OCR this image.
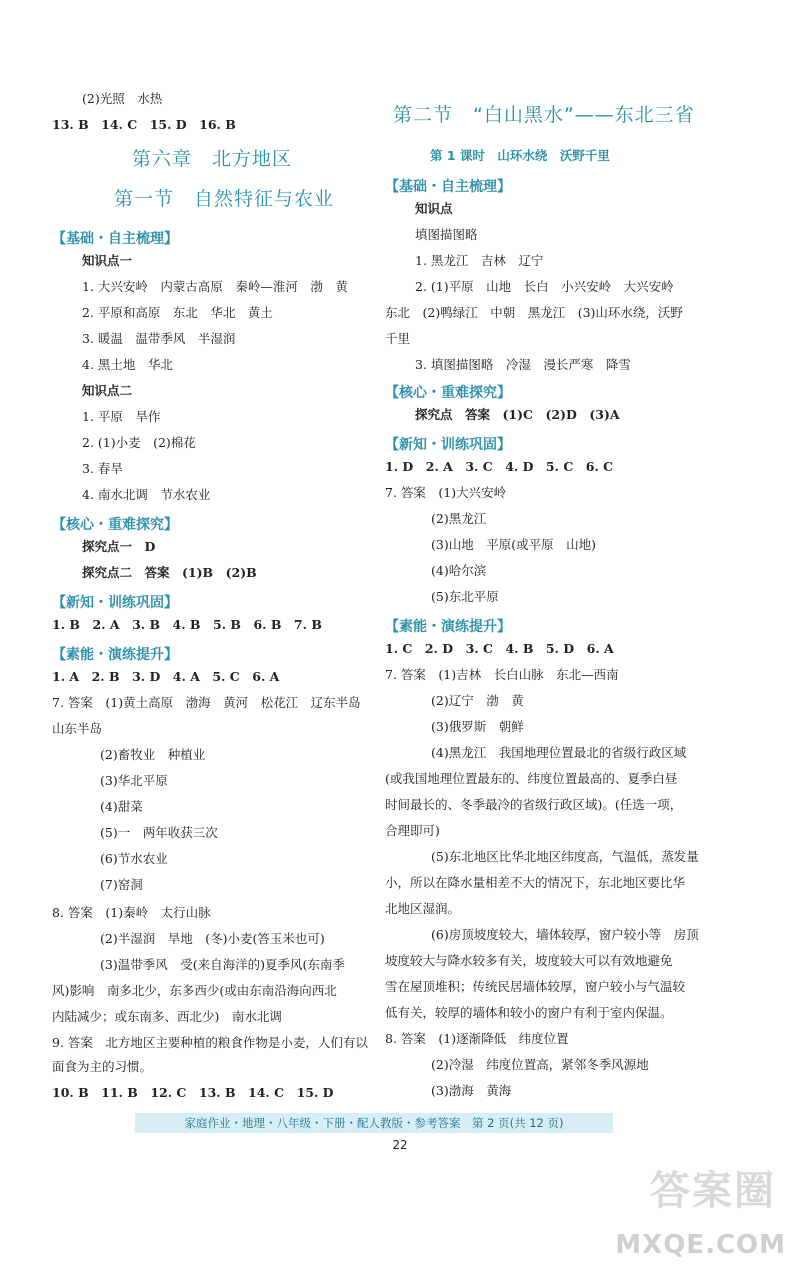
(2)光照　水热
13. B　14. C　15. D　16. B
第六章　北方地区
第一节　自然特征与农业
【基础・自主梳理】
知识点一
1. 大兴安岭　内蒙古高原　秦岭—淮河　渤　黄
2. 平原和高原　东北　华北　黄土
3. 暖温　温带季风　半湿润
4. 黑土地　华北
知识点二
1. 平原　旱作
2. (1)小麦　(2)棉花
3. 春旱
4. 南水北调　节水农业
【核心・重难探究】
探究点一　D
探究点二　答案　(1)B　(2)B
【新知・训练巩固】
1. B　2. A　3. B　4. B　5. B　6. B　7. B
【素能・演练提升】
1. A　2. B　3. D　4. A　5. C　6. A
7. 答案　(1)黄土高原　渤海　黄河　松花江　辽东半岛
山东半岛
(2)畜牧业　种植业
(3)华北平原
(4)甜菜
(5)一　两年收获三次
(6)节水农业
(7)窑洞
8. 答案　(1)秦岭　太行山脉
(2)半湿润　旱地　(冬)小麦(答玉米也可)
(3)温带季风　受(来自海洋的)夏季风(东南季
风)影响　南多北少，东多西少(或由东南沿海向西北
内陆减少；或东南多、西北少)　南水北调
9. 答案　北方地区主要种植的粮食作物是小麦，人们有以
面食为主的习惯。
10. B　11. B　12. C　13. B　14. C　15. D
第二节　“白山黑水”——东北三省
第 1 课时　山环水绕　沃野千里
【基础・自主梳理】
知识点
填图描图略
1. 黑龙江　吉林　辽宁
2. (1)平原　山地　长白　小兴安岭　大兴安岭
东北　(2)鸭绿江　中朝　黑龙江　(3)山环水绕，沃野
千里
3. 填图描图略　冷湿　漫长严寒　降雪
【核心・重难探究】
探究点　答案　(1)C　(2)D　(3)A
【新知・训练巩固】
1. D　2. A　3. C　4. D　5. C　6. C
7. 答案　(1)大兴安岭
(2)黑龙江
(3)山地　平原(或平原　山地)
(4)哈尔滨
(5)东北平原
【素能・演练提升】
1. C　2. D　3. C　4. B　5. D　6. A
7. 答案　(1)吉林　长白山脉　东北—西南
(2)辽宁　渤　黄
(3)俄罗斯　朝鲜
(4)黑龙江　我国地理位置最北的省级行政区域
(或我国地理位置最东的、纬度位置最高的、夏季白昼
时间最长的、冬季最冷的省级行政区域)。(任选一项，
合理即可)
(5)东北地区比华北地区纬度高，气温低，蒸发量
小，所以在降水量相差不大的情况下，东北地区要比华
北地区湿润。
(6)房顶坡度较大，墙体较厚，窗户较小等　房顶
坡度较大与降水较多有关，坡度较大可以有效地避免
雪在屋顶堆积；传统民居墙体较厚，窗户较小与气温较
低有关，较厚的墙体和较小的窗户有利于室内保温。
8. 答案　(1)逐渐降低　纬度位置
(2)冷湿　纬度位置高，紧邻冬季风源地
(3)渤海　黄海
家庭作业・地理・八年级・下册・配人教版・参考答案　第 2 页(共 12 页)
22
答案圈
MXQE.COM
